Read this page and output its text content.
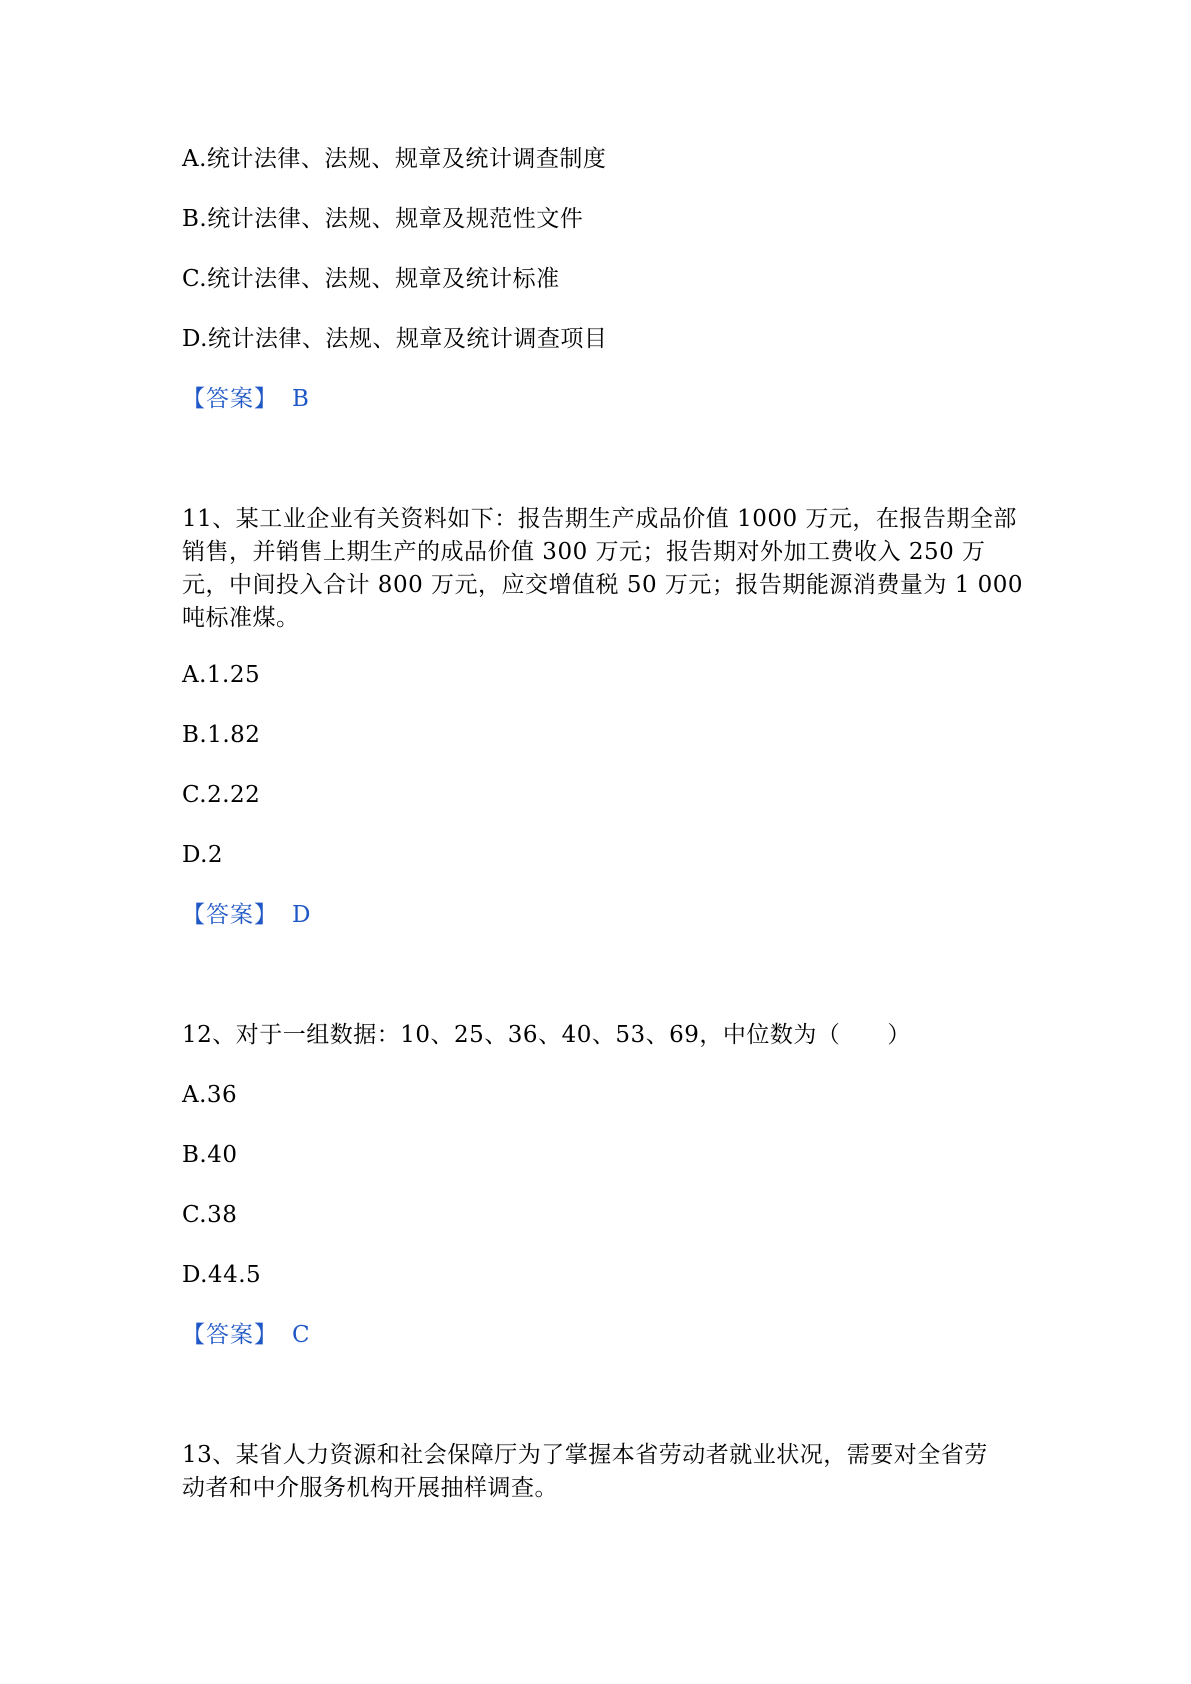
A.统计法律、法规、规章及统计调查制度
B.统计法律、法规、规章及规范性文件
C.统计法律、法规、规章及统计标准
D.统计法律、法规、规章及统计调查项目
【答案】 B
11、某工业企业有关资料如下：报告期生产成品价值 1000 万元，在报告期全部
销售，并销售上期生产的成品价值 300 万元；报告期对外加工费收入 250 万
元，中间投入合计 800 万元，应交增值税 50 万元；报告期能源消费量为 1 000
吨标准煤。
A.1.25
B.1.82
C.2.22
D.2
【答案】 D
12、对于一组数据：10、25、36、40、53、69，中位数为（　　）
A.36
B.40
C.38
D.44.5
【答案】 C
13、某省人力资源和社会保障厅为了掌握本省劳动者就业状况，需要对全省劳
动者和中介服务机构开展抽样调查。
